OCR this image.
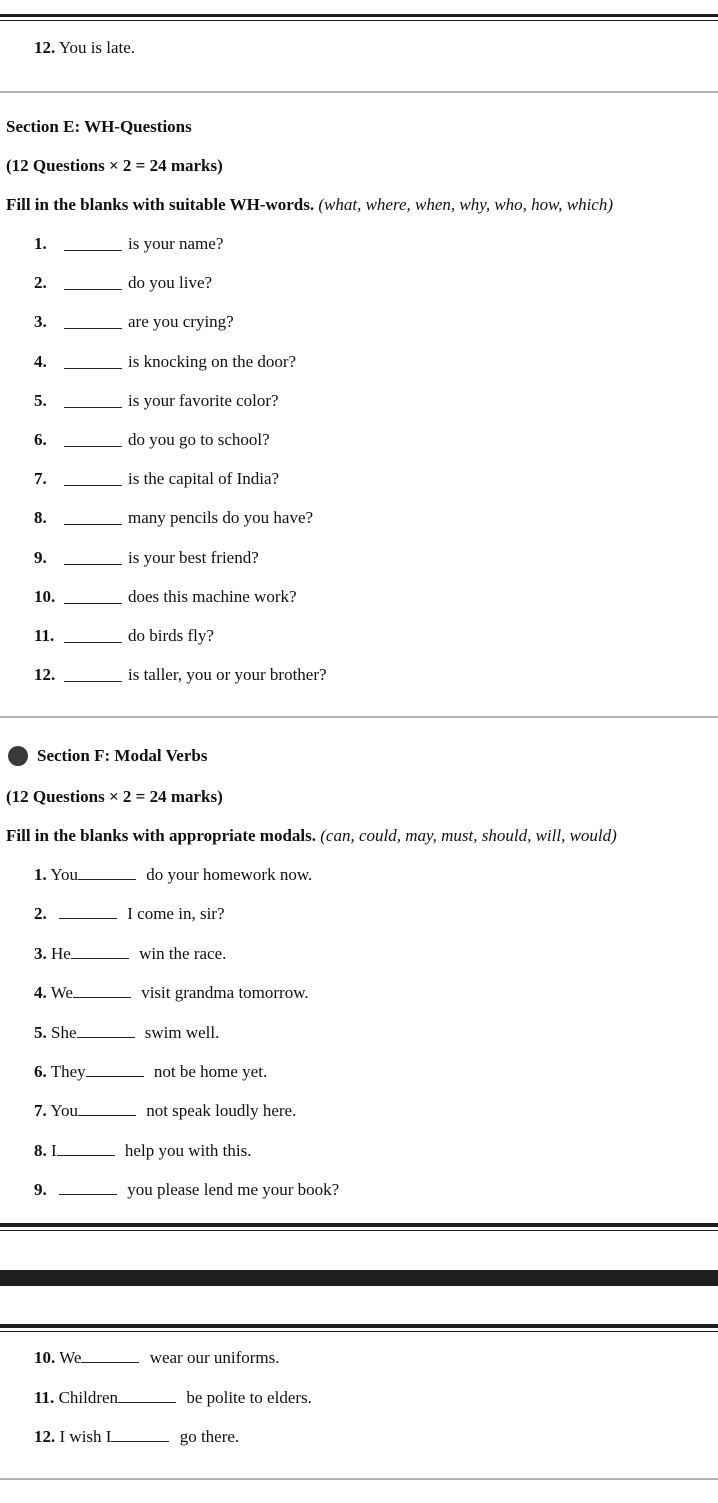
12. You is late.
Section E: WH-Questions
(12 Questions × 2 = 24 marks)
Fill in the blanks with suitable WH-words. (what, where, when, why, who, how, which)
1.	is your name?
2.	do you live?
3.	are you crying?
4.	is knocking on the door?
5.	is your favorite color?
6.	do you go to school?
7.	is the capital of India?
8.	many pencils do you have?
9.	is your best friend?
10.	does this machine work?
11.	do birds fly?
12.	is taller, you or your brother?
Section F: Modal Verbs
(12 Questions × 2 = 24 marks)
Fill in the blanks with appropriate modals. (can, could, may, must, should, will, would)
1. You	do your homework now.
2.	I come in, sir?
3. He	win the race.
4. We	visit grandma tomorrow.
5. She	swim well.
6. They	not be home yet.
7. You	not speak loudly here.
8. I	help you with this.
9.	you please lend me your book?
10. We	wear our uniforms.
11. Children	be polite to elders.
12. I wish I	go there.
